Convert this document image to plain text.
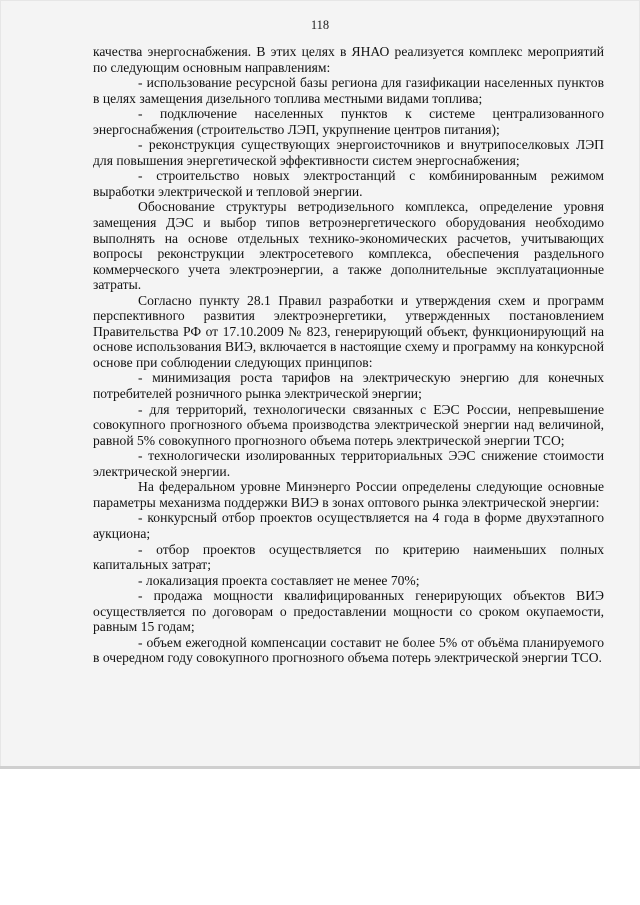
118

качества энергоснабжения. В этих целях в ЯНАО реализуется комплекс мероприятий по следующим основным направлениям:

- использование ресурсной базы региона для газификации населенных пунктов в целях замещения дизельного топлива местными видами топлива;

- подключение населенных пунктов к системе централизованного энергоснабжения (строительство ЛЭП, укрупнение центров питания);

- реконструкция существующих энергоисточников и внутрипоселковых ЛЭП для повышения энергетической эффективности систем энергоснабжения;

- строительство новых электростанций с комбинированным режимом выработки электрической и тепловой энергии.

Обоснование структуры ветродизельного комплекса, определение уровня замещения ДЭС и выбор типов ветроэнергетического оборудования необходимо выполнять на основе отдельных технико-экономических расчетов, учитывающих вопросы реконструкции электросетевого комплекса, обеспечения раздельного коммерческого учета электроэнергии, а также дополнительные эксплуатационные затраты.

Согласно пункту 28.1 Правил разработки и утверждения схем и программ перспективного развития электроэнергетики, утвержденных постановлением Правительства РФ от 17.10.2009 № 823, генерирующий объект, функционирующий на основе использования ВИЭ, включается в настоящие схему и программу на конкурсной основе при соблюдении следующих принципов:

- минимизация роста тарифов на электрическую энергию для конечных потребителей розничного рынка электрической энергии;

- для территорий, технологически связанных с ЕЭС России, непревышение совокупного прогнозного объема производства электрической энергии над величиной, равной 5% совокупного прогнозного объема потерь электрической энергии ТСО;

- технологически изолированных территориальных ЭЭС снижение стоимости электрической энергии.

На федеральном уровне Минэнерго России определены следующие основные параметры механизма поддержки ВИЭ в зонах оптового рынка электрической энергии:

- конкурсный отбор проектов осуществляется на 4 года в форме двухэтапного аукциона;

- отбор проектов осуществляется по критерию наименьших полных капитальных затрат;

- локализация проекта составляет не менее 70%;

- продажа мощности квалифицированных генерирующих объектов ВИЭ осуществляется по договорам о предоставлении мощности со сроком окупаемости, равным 15 годам;

- объем ежегодной компенсации составит не более 5% от объёма планируемого в очередном году совокупного прогнозного объема потерь электрической энергии ТСО.
